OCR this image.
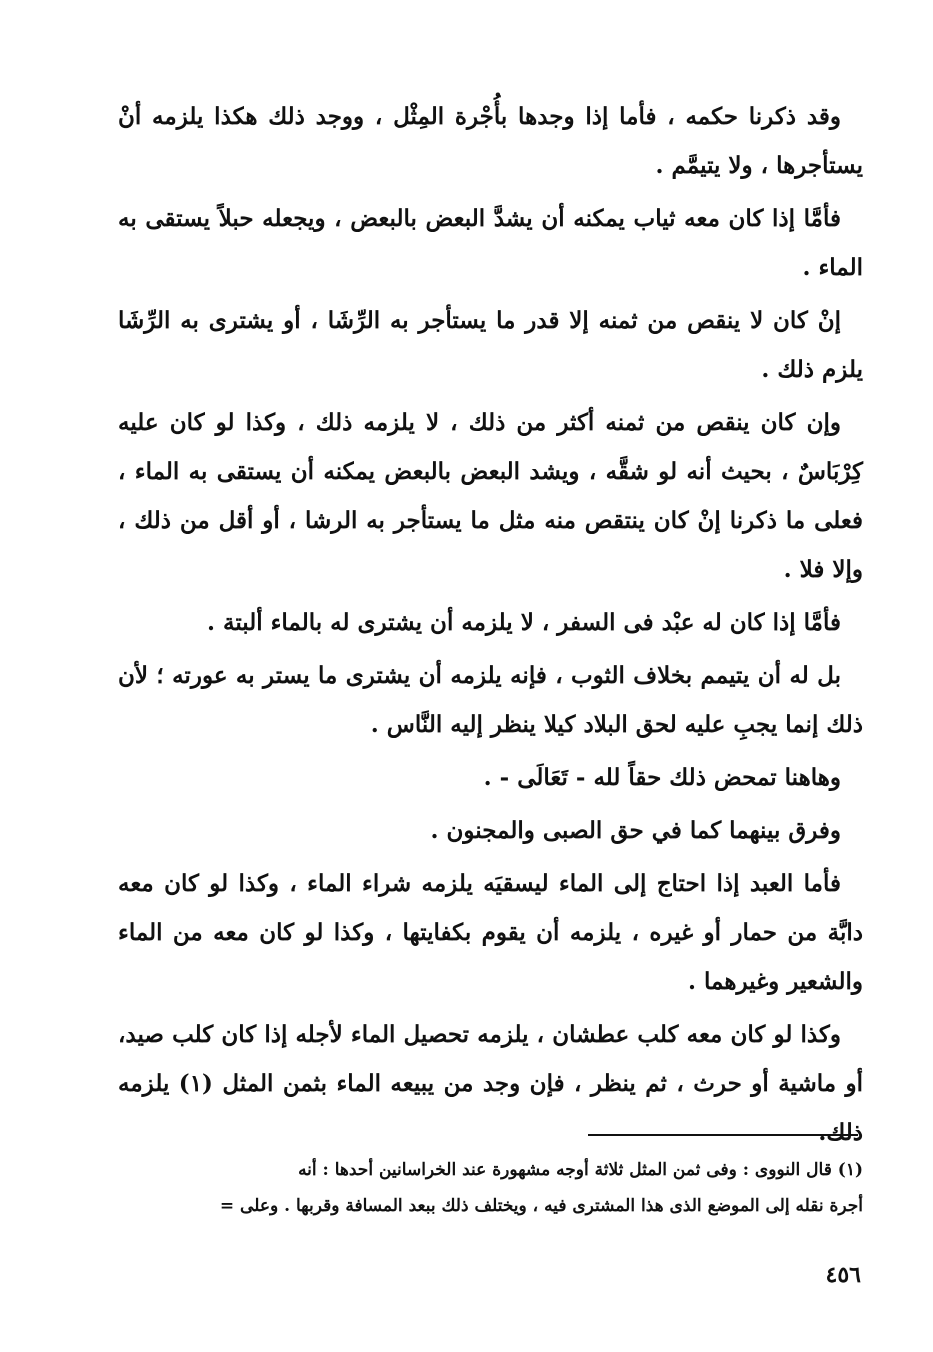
وقد ذكرنا حكمه ، فأما إذا وجدها بأُجْرة المِثْل ، ووجد ذلك هكذا يلزمه أنْ يستأجرها ، ولا يتيمَّم .

فأمَّا إذا كان معه ثياب يمكنه أن يشدَّ البعض بالبعض ، ويجعله حبلاً يستقى به الماء .

إنْ كان لا ينقص من ثمنه إلا قدر ما يستأجر به الرِّشَا ، أو يشترى به الرِّشَا يلزم ذلك .

وإن كان ينقص من ثمنه أكثر من ذلك ، لا يلزمه ذلك ، وكذا لو كان عليه كِرْبَاسٌ ، بحيث أنه لو شقَّه ، ويشد البعض بالبعض يمكنه أن يستقى به الماء ، فعلى ما ذكرنا إنْ كان ينتقص منه مثل ما يستأجر به الرشا ، أو أقل من ذلك ، وإلا فلا .

فأمَّا إذا كان له عبْد فى السفر ، لا يلزمه أن يشترى له بالماء ألبتة .

بل له أن يتيمم بخلاف الثوب ، فإنه يلزمه أن يشترى ما يستر به عورته ؛ لأن ذلك إنما يجبِ عليه لحق البلاد كيلا ينظر إليه النَّاس .

وهاهنا تمحض ذلك حقاً لله - تَعَالَى - .

وفرق بينهما كما في حق الصبى والمجنون .

فأما العبد إذا احتاج إلى الماء ليسقيَه يلزمه شراء الماء ، وكذا لو كان معه دابَّة من حمار أو غيره ، يلزمه أن يقوم بكفايتها ، وكذا لو كان معه من الماء والشعير وغيرهما .

وكذا لو كان معه كلب عطشان ، يلزمه تحصيل الماء لأجله إذا كان كلب صيد، أو ماشية أو حرث ، ثم ينظر ، فإن وجد من يبيعه الماء بثمن المثل (١) يلزمه ذلك.

(١) قال النووى : وفى ثمن المثل ثلاثة أوجه مشهورة عند الخراسانين أحدها : أنه

أجرة نقله إلى الموضع الذى هذا المشترى فيه ، ويختلف ذلك ببعد المسافة وقربها . وعلى =

٤٥٦
